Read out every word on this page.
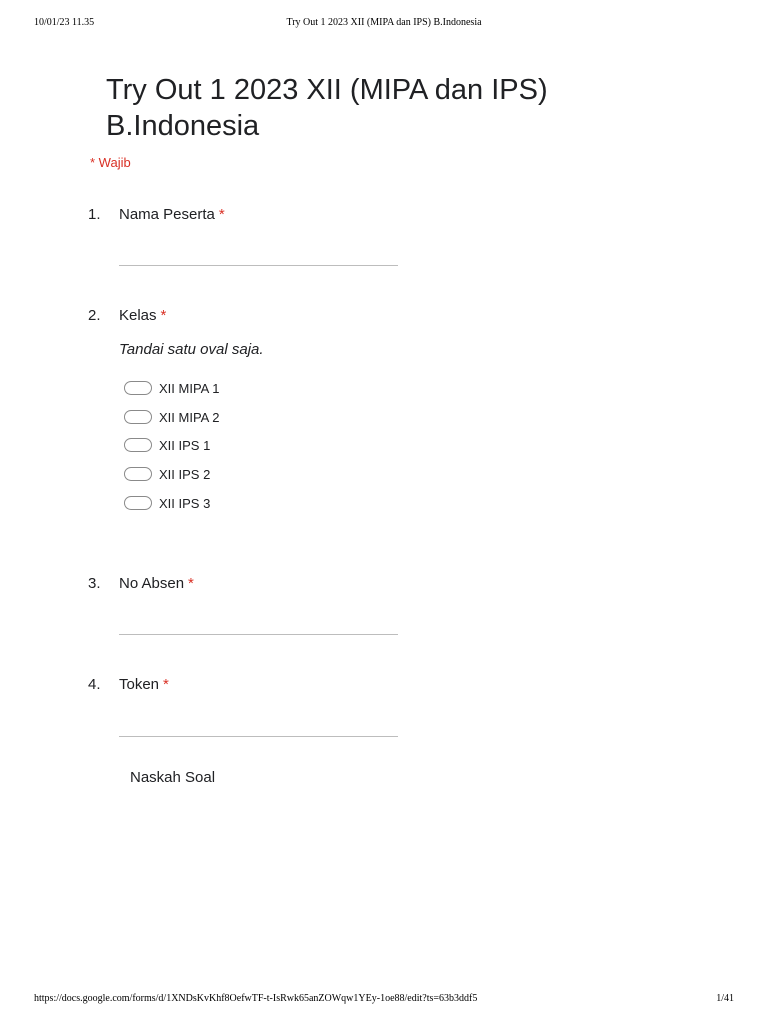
10/01/23 11.35	Try Out 1 2023 XII (MIPA dan IPS) B.Indonesia
Try Out 1 2023 XII (MIPA dan IPS) B.Indonesia
* Wajib
1. Nama Peserta *
2. Kelas *
Tandai satu oval saja.
XII MIPA 1
XII MIPA 2
XII IPS 1
XII IPS 2
XII IPS 3
3. No Absen *
4. Token *
Naskah Soal
https://docs.google.com/forms/d/1XNDsKvKhf8OefwTF-t-IsRwk65anZOWqw1YEy-1oe88/edit?ts=63b3ddf5	1/41
